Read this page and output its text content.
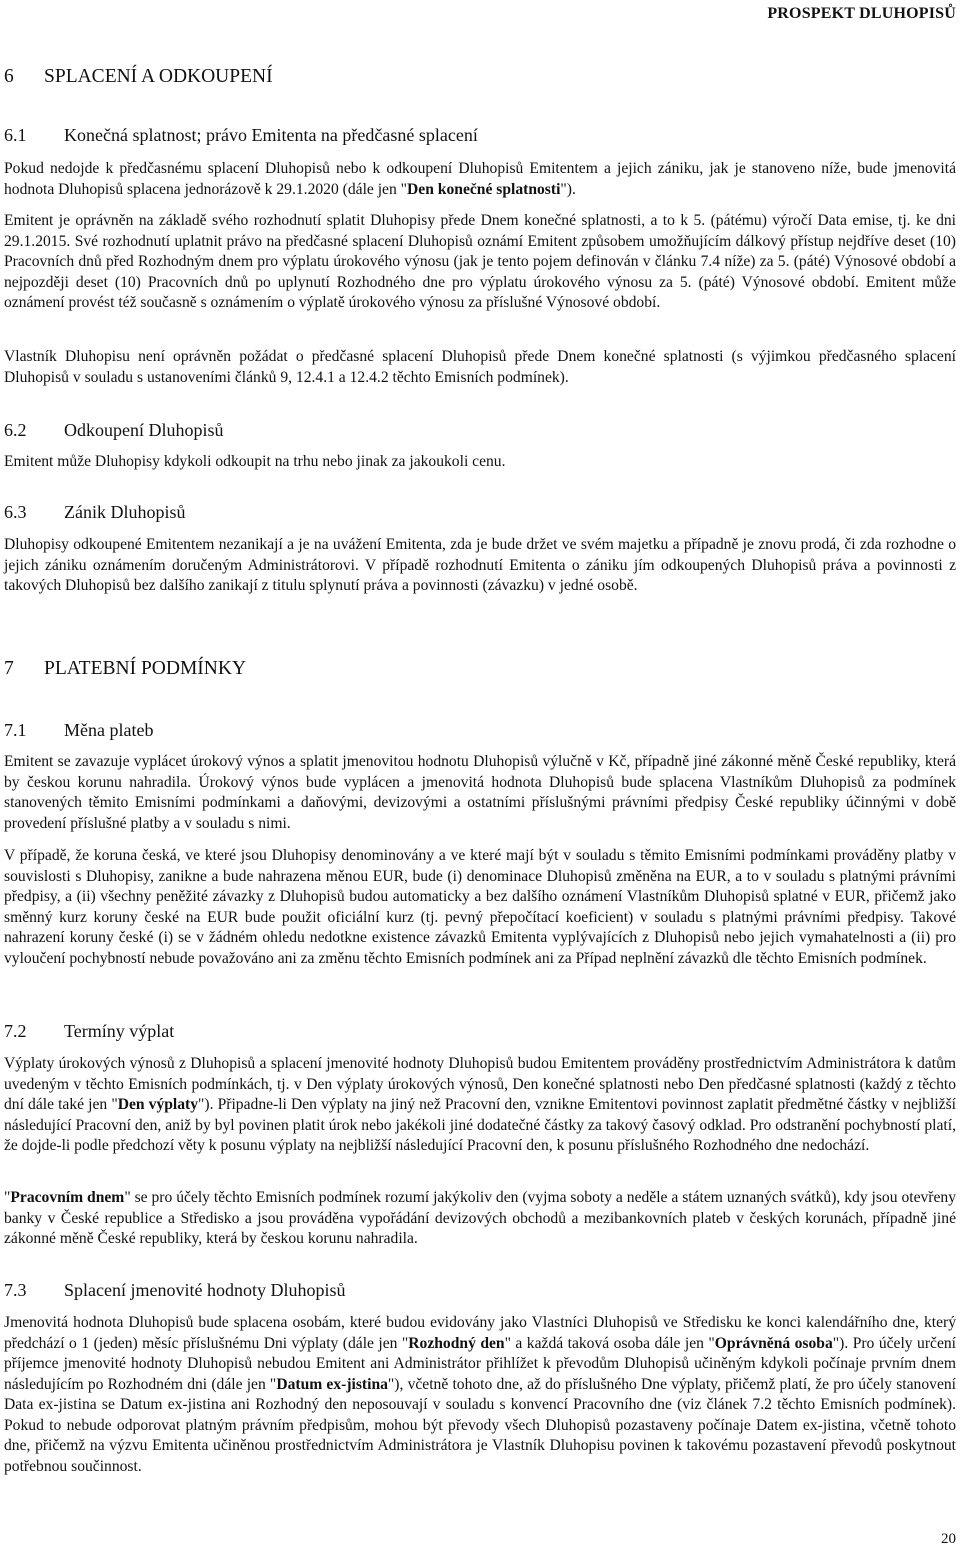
PROSPEKT DLUHOPISŮ
6	SPLACENÍ A ODKOUPENÍ
6.1	Konečná splatnost; právo Emitenta na předčasné splacení

Pokud nedojde k předčasnému splacení Dluhopisů nebo k odkoupení Dluhopisů Emitentem a jejich zániku, jak je stanoveno níže, bude jmenovitá hodnota Dluhopisů splacena jednorázově k 29.1.2020 (dále jen "Den konečné splatnosti").

Emitent je oprávněn na základě svého rozhodnutí splatit Dluhopisy přede Dnem konečné splatnosti, a to k 5. (pátému) výročí Data emise, tj. ke dni 29.1.2015. Své rozhodnutí uplatnit právo na předčasné splacení Dluhopisů oznámí Emitent způsobem umožňujícím dálkový přístup nejdříve deset (10) Pracovních dnů před Rozhodným dnem pro výplatu úrokového výnosu (jak je tento pojem definován v článku 7.4 níže) za 5. (páté) Výnosové období a nejpozději deset (10) Pracovních dnů po uplynutí Rozhodného dne pro výplatu úrokového výnosu za 5. (páté) Výnosové období. Emitent může oznámení provést též současně s oznámením o výplatě úrokového výnosu za příslušné Výnosové období.

Vlastník Dluhopisu není oprávněn požádat o předčasné splacení Dluhopisů přede Dnem konečné splatnosti (s výjimkou předčasného splacení Dluhopisů v souladu s ustanoveními článků 9, 12.4.1 a 12.4.2 těchto Emisních podmínek).

6.2	Odkoupení Dluhopisů

Emitent může Dluhopisy kdykoli odkoupit na trhu nebo jinak za jakoukoli cenu.

6.3	Zánik Dluhopisů

Dluhopisy odkoupené Emitentem nezanikají a je na uvážení Emitenta, zda je bude držet ve svém majetku a případně je znovu prodá, či zda rozhodne o jejich zániku oznámením doručeným Administrátorovi. V případě rozhodnutí Emitenta o zániku jím odkoupených Dluhopisů práva a povinnosti z takových Dluhopisů bez dalšího zanikají z titulu splynutí práva a povinnosti (závazku) v jedné osobě.

7	PLATEBNÍ PODMÍNKY
7.1	Měna plateb

Emitent se zavazuje vyplácet úrokový výnos a splatit jmenovitou hodnotu Dluhopisů výlučně v Kč, případně jiné zákonné měně České republiky, která by českou korunu nahradila. Úrokový výnos bude vyplácen a jmenovitá hodnota Dluhopisů bude splacena Vlastníkům Dluhopisů za podmínek stanovených těmito Emisními podmínkami a daňovými, devizovými a ostatními příslušnými právními předpisy České republiky účinnými v době provedení příslušné platby a v souladu s nimi.

V případě, že koruna česká, ve které jsou Dluhopisy denominovány a ve které mají být v souladu s těmito Emisními podmínkami prováděny platby v souvislosti s Dluhopisy, zanikne a bude nahrazena měnou EUR, bude (i) denominace Dluhopisů změněna na EUR, a to v souladu s platnými právními předpisy, a (ii) všechny peněžité závazky z Dluhopisů budou automaticky a bez dalšího oznámení Vlastníkům Dluhopisů splatné v EUR, přičemž jako směnný kurz koruny české na EUR bude použit oficiální kurz (tj. pevný přepočítací koeficient) v souladu s platnými právními předpisy. Takové nahrazení koruny české (i) se v žádném ohledu nedotkne existence závazků Emitenta vyplývajících z Dluhopisů nebo jejich vymahatelnosti a (ii) pro vyloučení pochybností nebude považováno ani za změnu těchto Emisních podmínek ani za Případ neplnění závazků dle těchto Emisních podmínek.

7.2	Termíny výplat

Výplaty úrokových výnosů z Dluhopisů a splacení jmenovité hodnoty Dluhopisů budou Emitentem prováděny prostřednictvím Administrátora k datům uvedeným v těchto Emisních podmínkách, tj. v Den výplaty úrokových výnosů, Den konečné splatnosti nebo Den předčasné splatnosti (každý z těchto dní dále také jen "Den výplaty"). Připadne-li Den výplaty na jiný než Pracovní den, vznikne Emitentovi povinnost zaplatit předmětné částky v nejbližší následující Pracovní den, aniž by byl povinen platit úrok nebo jakékoli jiné dodatečné částky za takový časový odklad. Pro odstranění pochybností platí, že dojde-li podle předchozí věty k posunu výplaty na nejbližší následující Pracovní den, k posunu příslušného Rozhodného dne nedochází.

"Pracovním dnem" se pro účely těchto Emisních podmínek rozumí jakýkoliv den (vyjma soboty a neděle a státem uznaných svátků), kdy jsou otevřeny banky v České republice a Středisko a jsou prováděna vypořádání devizových obchodů a mezibankovních plateb v českých korunách, případně jiné zákonné měně České republiky, která by českou korunu nahradila.

7.3	Splacení jmenovité hodnoty Dluhopisů

Jmenovitá hodnota Dluhopisů bude splacena osobám, které budou evidovány jako Vlastníci Dluhopisů ve Středisku ke konci kalendářního dne, který předchází o 1 (jeden) měsíc příslušnému Dni výplaty (dále jen "Rozhodný den" a každá taková osoba dále jen "Oprávněná osoba"). Pro účely určení příjemce jmenovité hodnoty Dluhopisů nebudou Emitent ani Administrátor přihlížet k převodům Dluhopisů učiněným kdykoli počínaje prvním dnem následujícím po Rozhodném dni (dále jen "Datum ex-jistina"), včetně tohoto dne, až do příslušného Dne výplaty, přičemž platí, že pro účely stanovení Data ex-jistina se Datum ex-jistina ani Rozhodný den neposouvají v souladu s konvencí Pracovního dne (viz článek 7.2 těchto Emisních podmínek). Pokud to nebude odporovat platným právním předpisům, mohou být převody všech Dluhopisů pozastaveny počínaje Datem ex-jistina, včetně tohoto dne, přičemž na výzvu Emitenta učiněnou prostřednictvím Administrátora je Vlastník Dluhopisu povinen k takovému pozastavení převodů poskytnout potřebnou součinnost.

20
